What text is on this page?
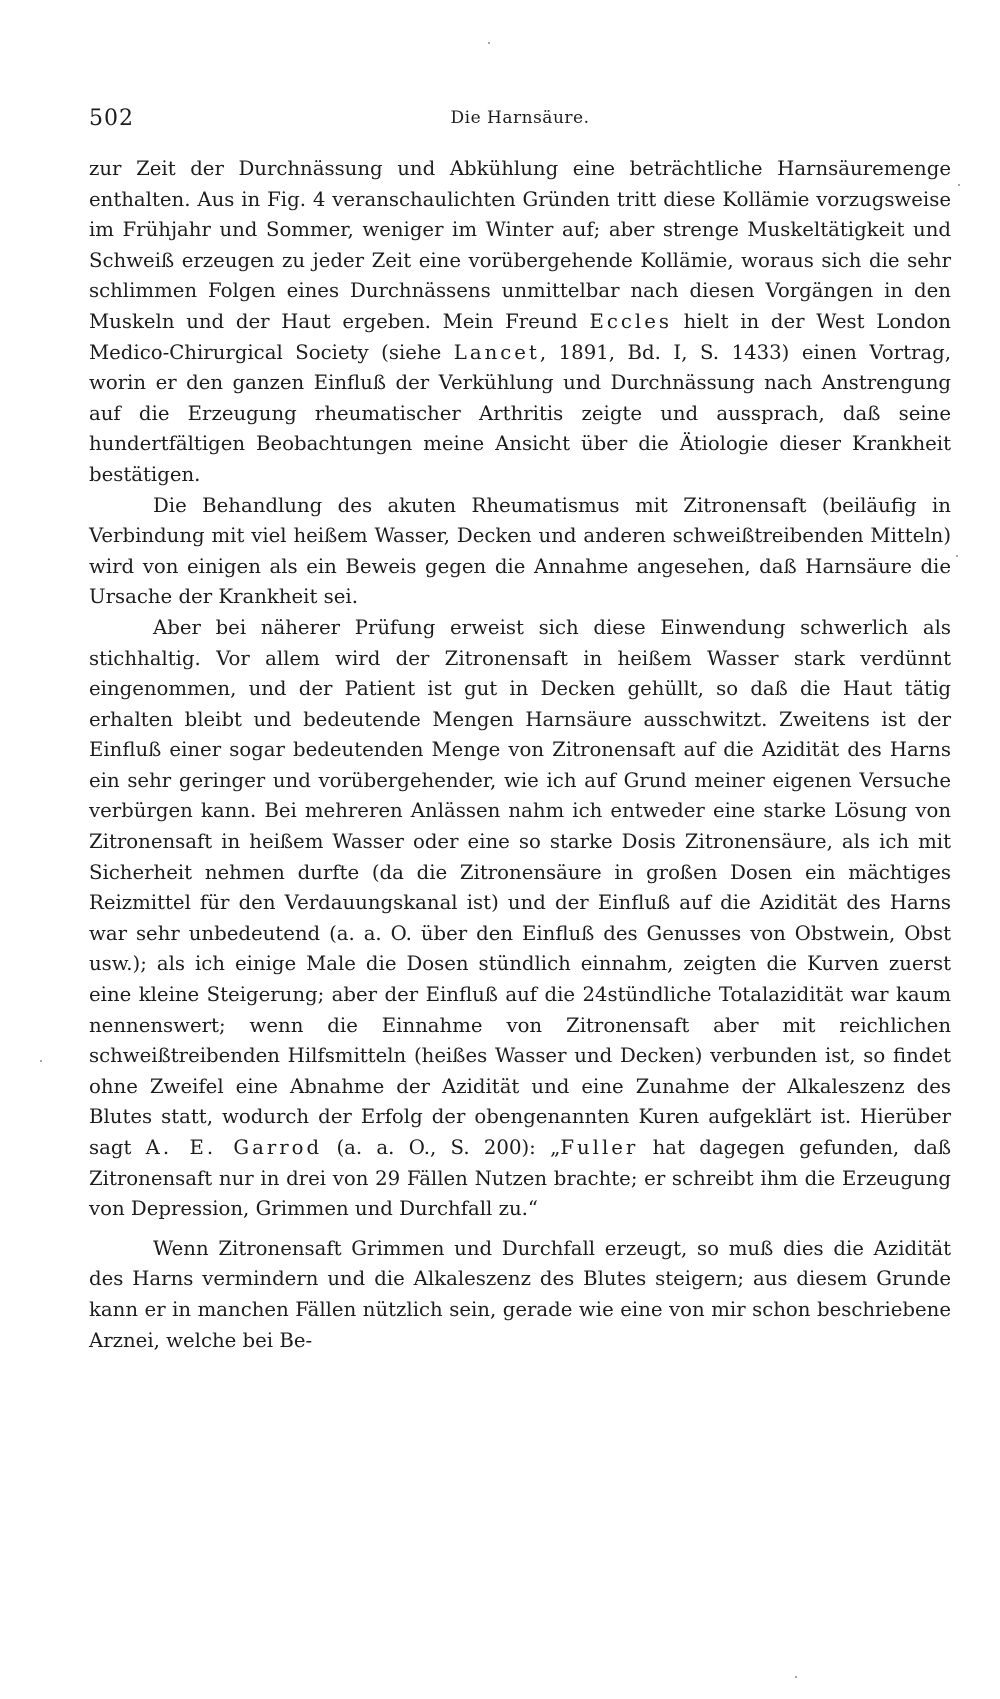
502	Die Harnsäure.

zur Zeit der Durchnässung und Abkühlung eine beträchtliche Harnsäuremenge enthalten. Aus in Fig. 4 veranschaulichten Gründen tritt diese Kollämie vorzugsweise im Frühjahr und Sommer, weniger im Winter auf; aber strenge Muskeltätigkeit und Schweiß erzeugen zu jeder Zeit eine vorübergehende Kollämie, woraus sich die sehr schlimmen Folgen eines Durchnässens unmittelbar nach diesen Vorgängen in den Muskeln und der Haut ergeben. Mein Freund Eccles hielt in der West London Medico-Chirurgical Society (siehe Lancet, 1891, Bd. I, S. 1433) einen Vortrag, worin er den ganzen Einfluß der Verkühlung und Durchnässung nach Anstrengung auf die Erzeugung rheumatischer Arthritis zeigte und aussprach, daß seine hundertfältigen Beobachtungen meine Ansicht über die Ätiologie dieser Krankheit bestätigen.

Die Behandlung des akuten Rheumatismus mit Zitronensaft (beiläufig in Verbindung mit viel heißem Wasser, Decken und anderen schweißtreibenden Mitteln) wird von einigen als ein Beweis gegen die Annahme angesehen, daß Harnsäure die Ursache der Krankheit sei.

Aber bei näherer Prüfung erweist sich diese Einwendung schwerlich als stichhaltig. Vor allem wird der Zitronensaft in heißem Wasser stark verdünnt eingenommen, und der Patient ist gut in Decken gehüllt, so daß die Haut tätig erhalten bleibt und bedeutende Mengen Harnsäure ausschwitzt. Zweitens ist der Einfluß einer sogar bedeutenden Menge von Zitronensaft auf die Azidität des Harns ein sehr geringer und vorübergehender, wie ich auf Grund meiner eigenen Versuche verbürgen kann. Bei mehreren Anlässen nahm ich entweder eine starke Lösung von Zitronensaft in heißem Wasser oder eine so starke Dosis Zitronensäure, als ich mit Sicherheit nehmen durfte (da die Zitronensäure in großen Dosen ein mächtiges Reizmittel für den Verdauungskanal ist) und der Einfluß auf die Azidität des Harns war sehr unbedeutend (a. a. O. über den Einfluß des Genusses von Obstwein, Obst usw.); als ich einige Male die Dosen stündlich einnahm, zeigten die Kurven zuerst eine kleine Steigerung; aber der Einfluß auf die 24stündliche Totalazidität war kaum nennenswert; wenn die Einnahme von Zitronensaft aber mit reichlichen schweißtreibenden Hilfsmitteln (heißes Wasser und Decken) verbunden ist, so findet ohne Zweifel eine Abnahme der Azidität und eine Zunahme der Alkaleszenz des Blutes statt, wodurch der Erfolg der obengenannten Kuren aufgeklärt ist. Hierüber sagt A. E. Garrod (a. a. O., S. 200): „Fuller hat dagegen gefunden, daß Zitronensaft nur in drei von 29 Fällen Nutzen brachte; er schreibt ihm die Erzeugung von Depression, Grimmen und Durchfall zu.“

Wenn Zitronensaft Grimmen und Durchfall erzeugt, so muß dies die Azidität des Harns vermindern und die Alkaleszenz des Blutes steigern; aus diesem Grunde kann er in manchen Fällen nützlich sein, gerade wie eine von mir schon beschriebene Arznei, welche bei Be-
